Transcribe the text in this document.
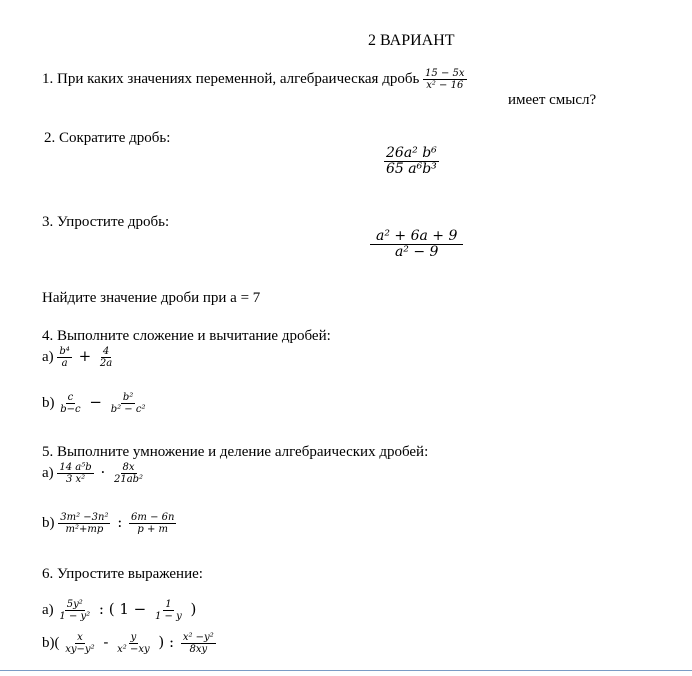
2 ВАРИАНТ
1. При каких значениях переменной, алгебраическая дробь $\frac{15 - 5x}{\text{x² − 16}}$
имеет смысл?
2. Сократите дробь:
$\frac{\text{26a² b⁶}}{\text{65 a⁶b³}}$
3. Упростите дробь:
$\frac{\text{a² + 6a + 9}}{\text{a² − 9}}$
Найдите значение дроби при a = 7
4. Выполните сложение и вычитание дробей:
$а) \frac{\text{b⁴}}{a} + \frac{4}{2a}$
$b) \frac{c}{b-c} - \frac{\text{b²}}{\text{b² − c²}}$
5. Выполните умножение и деление алгебраических дробей:
$а) \frac{\text{14 a⁵b}}{\text{3 x²}} \cdot \frac{8x}{\text{21ab²}}$
$b) \frac{\text{3m² −3n²}}{\text{m²+mp}}$ : $\frac{6m - 6n}{p + m}$
6. Упростите выражение:
$а) \frac{\text{5y²}}{\text{1 − y²}}$ : ( $1 - \frac{1}{1 - y}$ )
$b)( \frac{x}{\text{xy−y²}} - \frac{y}{\text{x² −xy}}$ ) : $\frac{\text{x² −y²}}{8xy}$
